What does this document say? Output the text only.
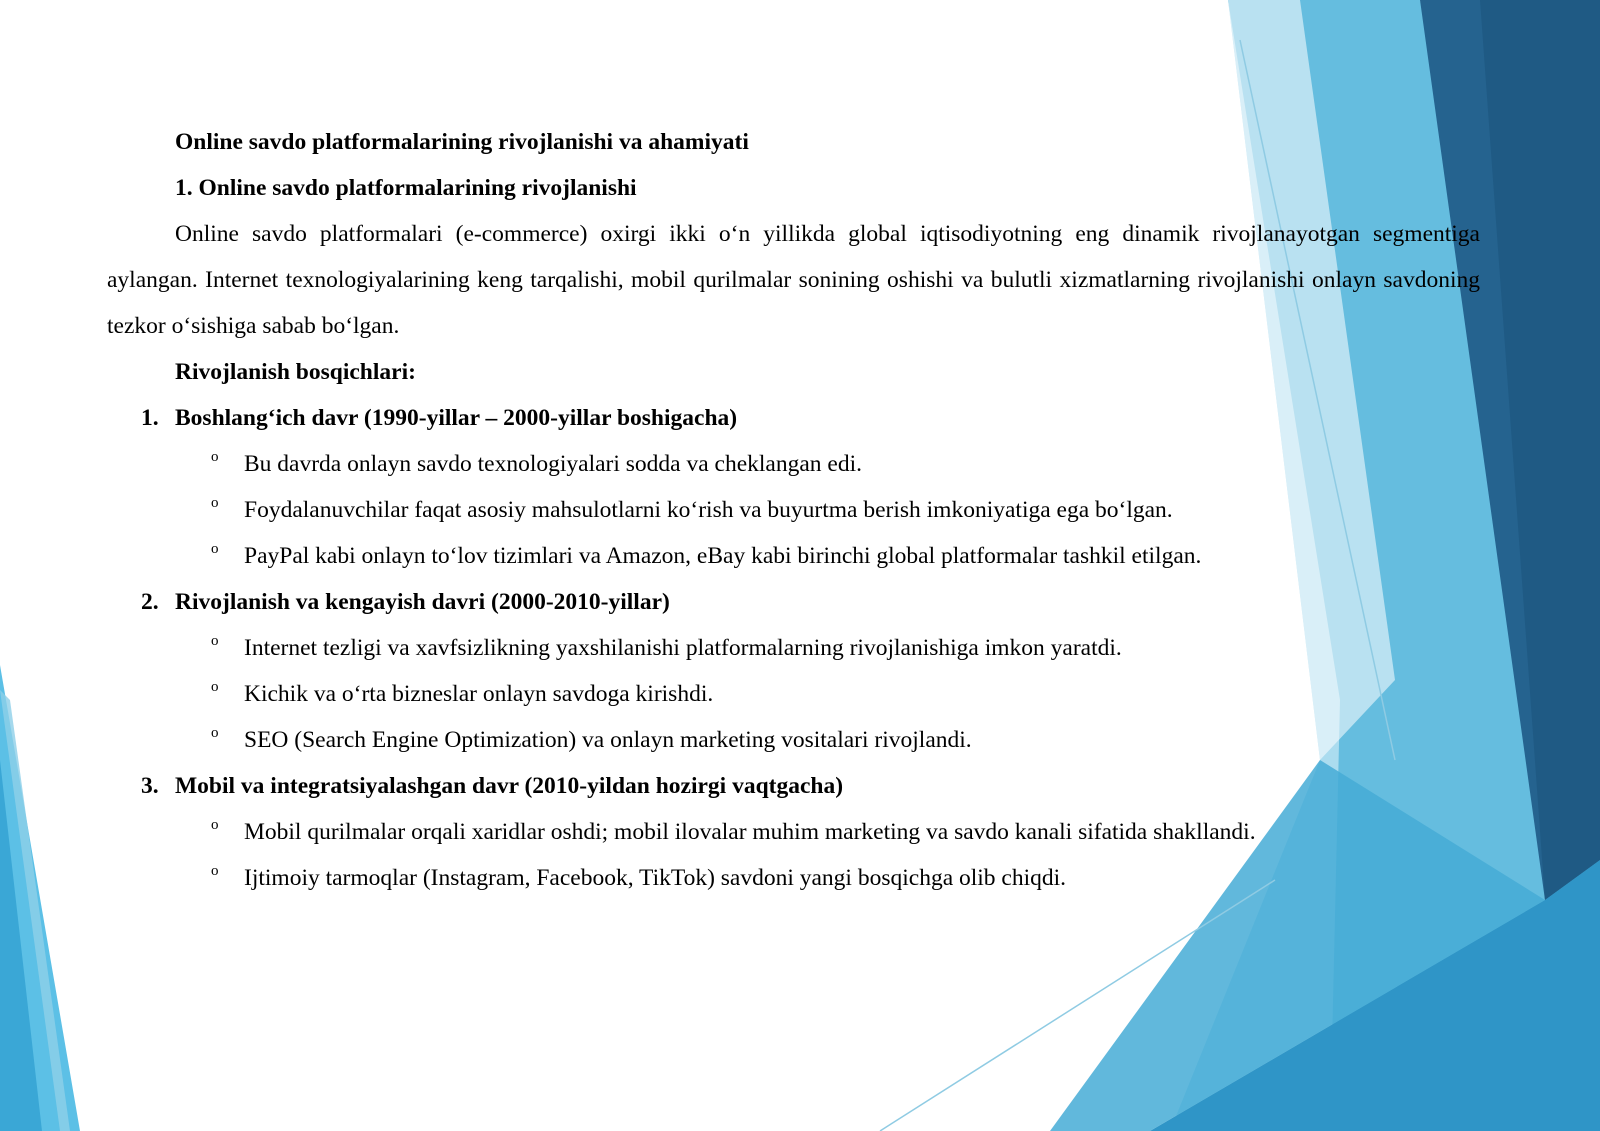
Online savdo platformalarining rivojlanishi va ahamiyati

1. Online savdo platformalarining rivojlanishi

Online savdo platformalari (e-commerce) oxirgi ikki o‘n yillikda global iqtisodiyotning eng dinamik rivojlanayotgan segmentiga aylangan. Internet texnologiyalarining keng tarqalishi, mobil qurilmalar sonining oshishi va bulutli xizmatlarning rivojlanishi onlayn savdoning tezkor o‘sishiga sabab bo‘lgan.

Rivojlanish bosqichlari:

1. Boshlang‘ich davr (1990-yillar – 2000-yillar boshigacha)
o Bu davrda onlayn savdo texnologiyalari sodda va cheklangan edi.
o Foydalanuvchilar faqat asosiy mahsulotlarni ko‘rish va buyurtma berish imkoniyatiga ega bo‘lgan.
o PayPal kabi onlayn to‘lov tizimlari va Amazon, eBay kabi birinchi global platformalar tashkil etilgan.
2. Rivojlanish va kengayish davri (2000-2010-yillar)
o Internet tezligi va xavfsizlikning yaxshilanishi platformalarning rivojlanishiga imkon yaratdi.
o Kichik va o‘rta bizneslar onlayn savdoga kirishdi.
o SEO (Search Engine Optimization) va onlayn marketing vositalari rivojlandi.
3. Mobil va integratsiyalashgan davr (2010-yildan hozirgi vaqtgacha)
o Mobil qurilmalar orqali xaridlar oshdi; mobil ilovalar muhim marketing va savdo kanali sifatida shakllandi.
o Ijtimoiy tarmoqlar (Instagram, Facebook, TikTok) savdoni yangi bosqichga olib chiqdi.
